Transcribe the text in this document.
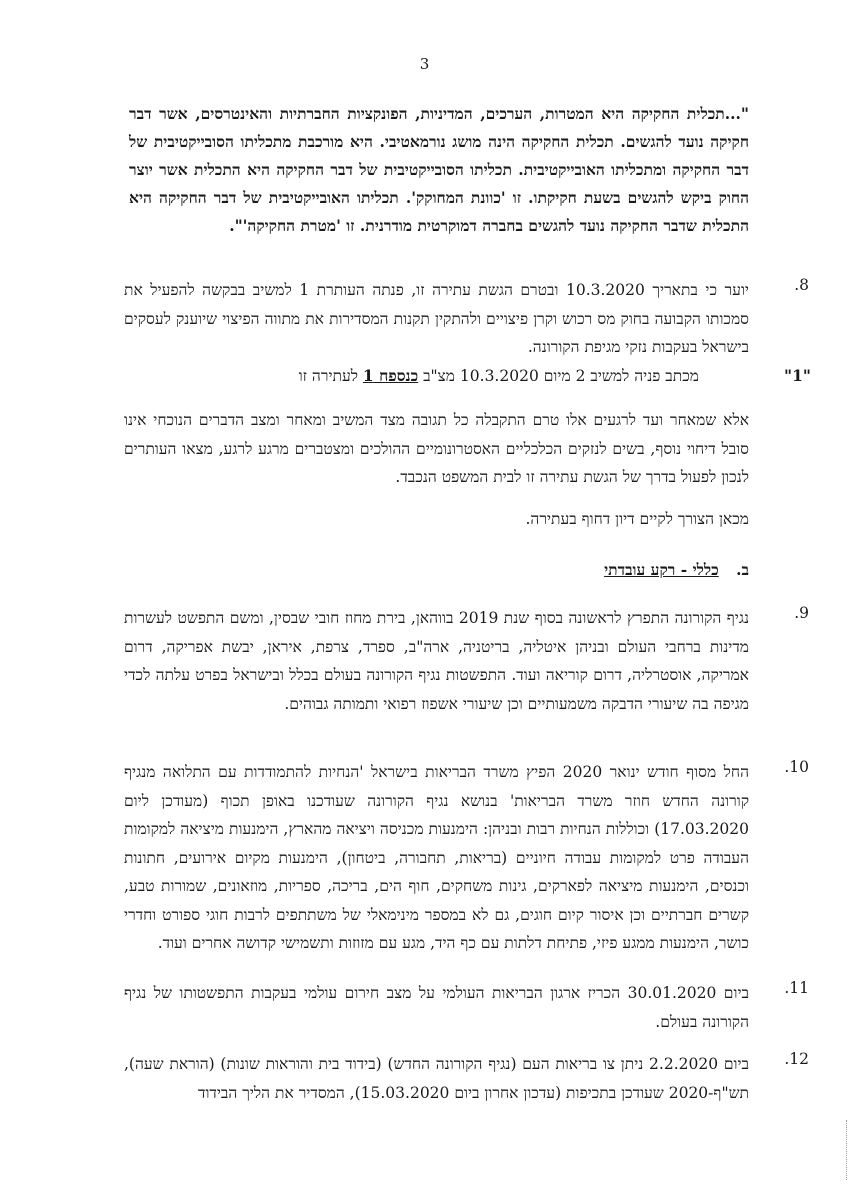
3
"...תכלית החקיקה היא המטרות, הערכים, המדיניות, הפונקציות החברתיות והאינטרסים, אשר דבר חקיקה נועד להגשים. תכלית החקיקה הינה מושג נורמאטיבי. היא מורכבת מתכליתו הסובייקטיבית של דבר החקיקה ומתכליתו האובייקטיבית. תכליתו הסובייקטיבית של דבר החקיקה היא התכלית אשר יוצר החוק ביקש להגשים בשעת חקיקתו. זו 'כוונת המחוקק'. תכליתו האובייקטיבית של דבר החקיקה היא התכלית שדבר החקיקה נועד להגשים בחברה דמוקרטית מודרנית. זו 'מטרת החקיקה'".
8.
יוער כי בתאריך 10.3.2020 ובטרם הגשת עתירה זו, פנתה העותרת 1 למשיב בבקשה להפעיל את סמכותו הקבועה בחוק מס רכוש וקרן פיצויים ולהתקין תקנות המסדירות את מתווה הפיצוי שיוענק לעסקים בישראל בעקבות נזקי מגיפת הקורונה.
"1"
מכתב פניה למשיב 2 מיום 10.3.2020 מצ"ב כנספח 1 לעתירה זו
אלא שמאחר ועד לרגעים אלו טרם התקבלה כל תגובה מצד המשיב ומאחר ומצב הדברים הנוכחי אינו סובל דיחוי נוסף, בשים לנזקים הכלכליים האסטרונומיים ההולכים ומצטברים מרגע לרגע, מצאו העותרים לנכון לפעול בדרך של הגשת עתירה זו לבית המשפט הנכבד.
מכאן הצורך לקיים דיון דחוף בעתירה.
ב. כללי - רקע עובדתי
9.
נגיף הקורונה התפרץ לראשונה בסוף שנת 2019 בווהאן, בירת מחוז חובי שבסין, ומשם התפשט לעשרות מדינות ברחבי העולם ובניהן איטליה, בריטניה, ארה"ב, ספרד, צרפת, איראן, יבשת אפריקה, דרום אמריקה, אוסטרליה, דרום קוריאה ועוד. התפשטות נגיף הקורונה בעולם בכלל ובישראל בפרט עלתה לכדי מגיפה בה שיעורי הדבקה משמעותיים וכן שיעורי אשפוז רפואי ותמותה גבוהים.
10.
החל מסוף חודש ינואר 2020 הפיץ משרד הבריאות בישראל 'הנחיות להתמודדות עם התלואה מנגיף קורונה החדש חוזר משרד הבריאות' בנושא נגיף הקורונה שעודכנו באופן תכוף (מעודכן ליום 17.03.2020) וכוללות הנחיות רבות ובניהן: הימנעות מכניסה ויציאה מהארץ, הימנעות מיציאה למקומות העבודה פרט למקומות עבודה חיוניים (בריאות, תחבורה, ביטחון), הימנעות מקיום אירועים, חתונות וכנסים, הימנעות מיציאה לפארקים, גינות משחקים, חוף הים, בריכה, ספריות, מוזאונים, שמורות טבע, קשרים חברתיים וכן איסור קיום חוגים, גם לא במספר מינימאלי של משתתפים לרבות חוגי ספורט וחדרי כושר, הימנעות ממגע פיזי, פתיחת דלתות עם כף היד, מגע עם מזוזות ותשמישי קדושה אחרים ועוד.
11.
ביום 30.01.2020 הכריז ארגון הבריאות העולמי על מצב חירום עולמי בעקבות התפשטותו של נגיף הקורונה בעולם.
12.
ביום 2.2.2020 ניתן צו בריאות העם (נגיף הקורונה החדש) (בידוד בית והוראות שונות) (הוראת שעה), תש"ף-2020 שעודכן בתכיפות (עדכון אחרון ביום 15.03.2020), המסדיר את הליך הבידוד
